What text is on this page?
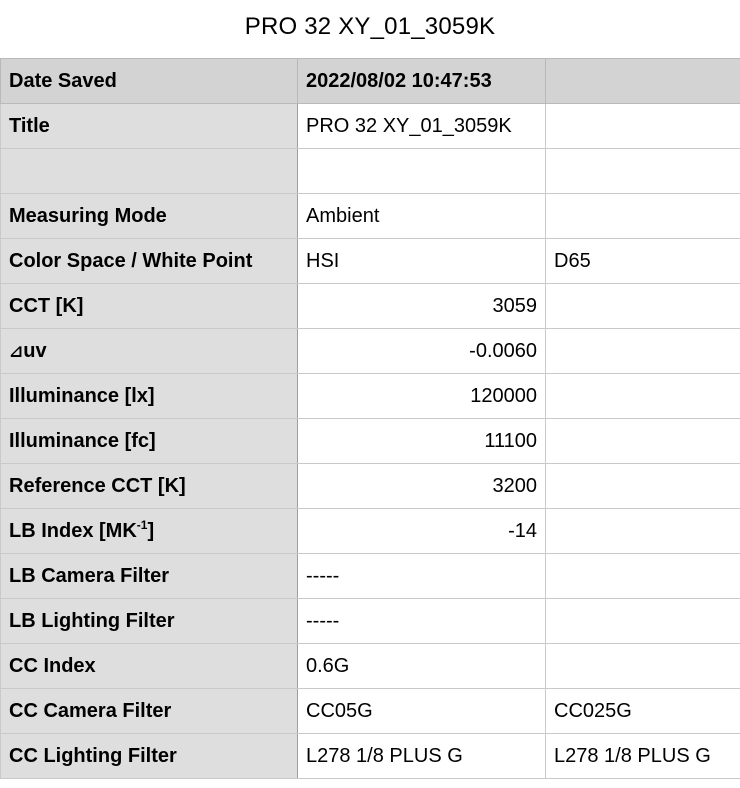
PRO 32 XY_01_3059K
Date Saved	2022/08/02 10:47:53	
Title	PRO 32 XY_01_3059K	

Measuring Mode	Ambient	
Color Space / White Point	HSI	D65
CCT [K]	3059	
⊿uv	-0.0060	
Illuminance [lx]	120000	
Illuminance [fc]	11100	
Reference CCT [K]	3200	
LB Index $[MK^{-1}]$	-14	
LB Camera Filter	-----	
LB Lighting Filter	-----	
CC Index	0.6G	
CC Camera Filter	CC05G	CC025G
CC Lighting Filter	L278 1/8 PLUS G	L278 1/8 PLUS G
